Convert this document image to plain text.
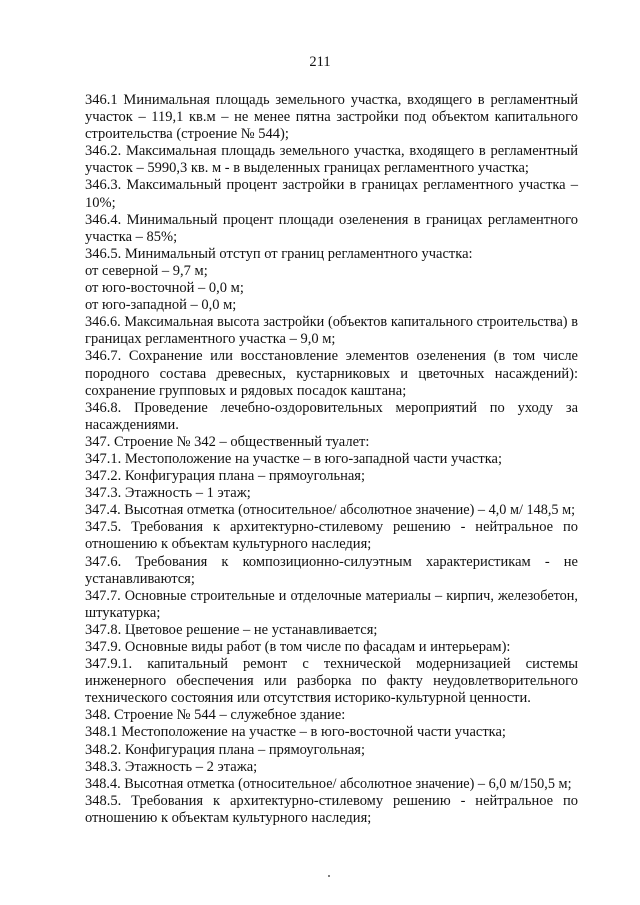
211
346.1 Минимальная площадь земельного участка, входящего в регламентный
участок – 119,1 кв.м – не менее пятна застройки под объектом капитального
строительства (строение № 544);
346.2. Максимальная площадь земельного участка, входящего в регламентный
участок – 5990,3 кв. м - в выделенных границах регламентного участка;
346.3. Максимальный процент застройки в границах регламентного участка –
10%;
346.4. Минимальный процент площади озеленения в границах регламентного
участка – 85%;
346.5. Минимальный отступ от границ регламентного участка:
от северной – 9,7 м;
от юго-восточной – 0,0 м;
от юго-западной – 0,0 м;
346.6. Максимальная высота застройки (объектов капитального строительства) в
границах регламентного участка – 9,0 м;
346.7. Сохранение или восстановление элементов озеленения (в том числе
породного состава древесных, кустарниковых и цветочных насаждений):
сохранение групповых и рядовых посадок каштана;
346.8. Проведение лечебно-оздоровительных мероприятий по уходу за
насаждениями.
347. Строение № 342 – общественный туалет:
347.1. Местоположение на участке – в юго-западной части участка;
347.2. Конфигурация плана – прямоугольная;
347.3. Этажность – 1 этаж;
347.4. Высотная отметка (относительное/ абсолютное значение) – 4,0 м/ 148,5 м;
347.5. Требования к архитектурно-стилевому решению - нейтральное по
отношению к объектам культурного наследия;
347.6. Требования к композиционно-силуэтным характеристикам - не
устанавливаются;
347.7. Основные строительные и отделочные материалы – кирпич, железобетон,
штукатурка;
347.8. Цветовое решение – не устанавливается;
347.9. Основные виды работ (в том числе по фасадам и интерьерам):
347.9.1. капитальный ремонт с технической модернизацией системы
инженерного обеспечения или разборка по факту неудовлетворительного
технического состояния или отсутствия историко-культурной ценности.
348. Строение № 544 – служебное здание:
348.1 Местоположение на участке – в юго-восточной части участка;
348.2. Конфигурация плана – прямоугольная;
348.3. Этажность – 2 этажа;
348.4. Высотная отметка (относительное/ абсолютное значение) – 6,0 м/150,5 м;
348.5. Требования к архитектурно-стилевому решению - нейтральное по
отношению к объектам культурного наследия;
